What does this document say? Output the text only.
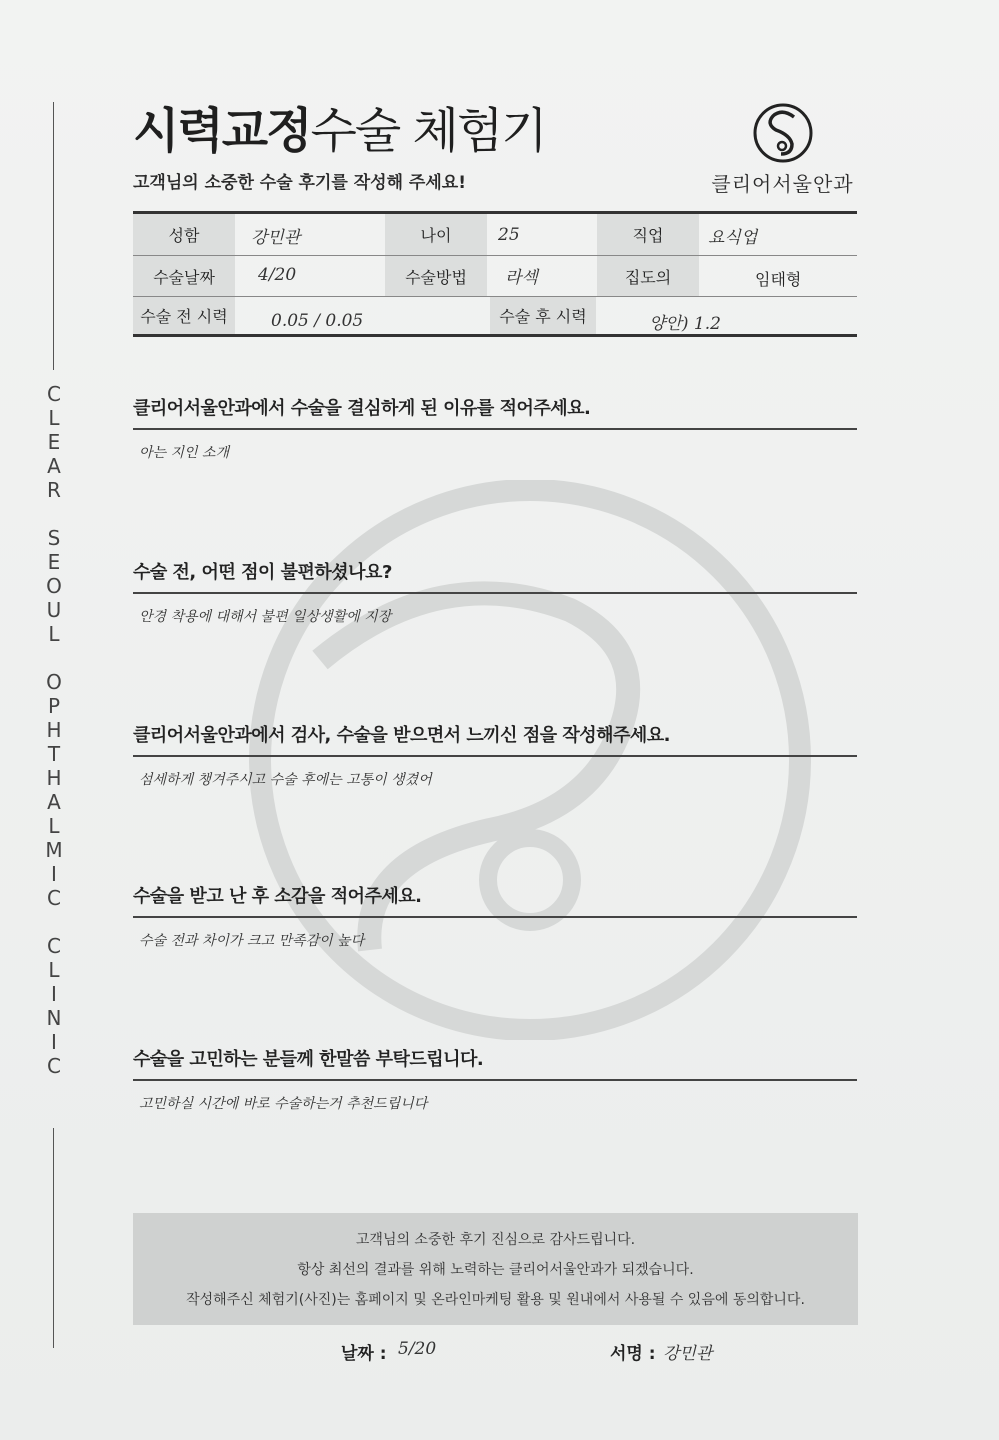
CLEAR SEOUL OPHTHALMIC CLINIC
시력교정수술 체험기
고객님의 소중한 수술 후기를 작성해 주세요!	클리어서울안과
성함	강민관	나이	25	직업	요식업
수술날짜	4/20	수술방법	라섹	집도의	임태형
수술 전 시력	0.05 / 0.05	수술 후 시력	양안) 1.2
클리어서울안과에서 수술을 결심하게 된 이유를 적어주세요.
아는 지인 소개
수술 전, 어떤 점이 불편하셨나요?
안경 착용에 대해서 불편 일상생활에 지장
클리어서울안과에서 검사, 수술을 받으면서 느끼신 점을 작성해주세요.
섬세하게 챙겨주시고 수술 후에는 고통이 생겼어
수술을 받고 난 후 소감을 적어주세요.
수술 전과 차이가 크고 만족감이 높다
수술을 고민하는 분들께 한말씀 부탁드립니다.
고민하실 시간에 바로 수술하는거 추천드립니다
고객님의 소중한 후기 진심으로 감사드립니다.
항상 최선의 결과를 위해 노력하는 클리어서울안과가 되겠습니다.
작성해주신 체험기(사진)는 홈페이지 및 온라인마케팅 활용 및 원내에서 사용될 수 있음에 동의합니다.
날짜 : 5/20	서명 : 강민관
